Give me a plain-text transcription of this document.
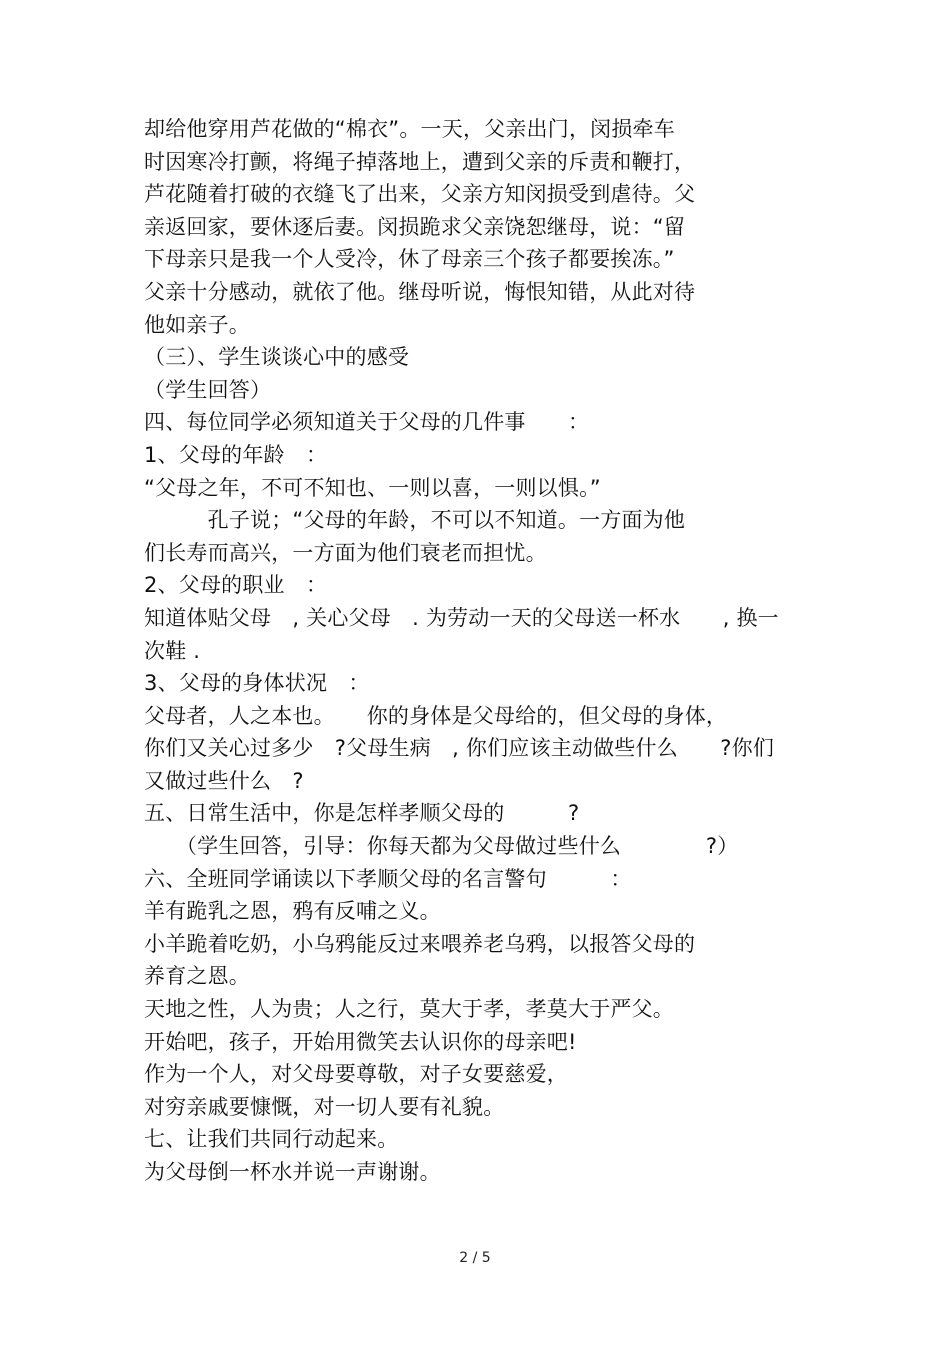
却给他穿用芦花做的“棉衣”。一天，父亲出门，闵损牵车
时因寒冷打颤，将绳子掉落地上，遭到父亲的斥责和鞭打，
芦花随着打破的衣缝飞了出来，父亲方知闵损受到虐待。父
亲返回家，要休逐后妻。闵损跪求父亲饶恕继母，说：“留
下母亲只是我一个人受冷，休了母亲三个孩子都要挨冻。”
父亲十分感动，就依了他。继母听说，悔恨知错，从此对待
他如亲子。
（三）、学生谈谈心中的感受
（学生回答）
四、每位同学必须知道关于父母的几件事　　：
1、父母的年龄　：
“父母之年，不可不知也、一则以喜，一则以惧。”
　　　孔子说；“父母的年龄，不可以不知道。一方面为他
们长寿而高兴，一方面为他们衰老而担忧。
2、父母的职业　：
知道体贴父母　, 关心父母　. 为劳动一天的父母送一杯水　　, 换一
次鞋 .
3、父母的身体状况　：
父母者，人之本也。　　你的身体是父母给的，但父母的身体，
你们又关心过多少　?父母生病　, 你们应该主动做些什么　　?你们
又做过些什么　?
五、日常生活中，你是怎样孝顺父母的　　　?
　　（学生回答，引导：你每天都为父母做过些什么　　　　?）
六、全班同学诵读以下孝顺父母的名言警句　　　：
羊有跪乳之恩，鸦有反哺之义。
小羊跪着吃奶，小乌鸦能反过来喂养老乌鸦，以报答父母的
养育之恩。
天地之性，人为贵；人之行，莫大于孝，孝莫大于严父。
开始吧，孩子，开始用微笑去认识你的母亲吧!
作为一个人，对父母要尊敬，对子女要慈爱，
对穷亲戚要慷慨，对一切人要有礼貌。
七、让我们共同行动起来。
为父母倒一杯水并说一声谢谢。
2 / 5
